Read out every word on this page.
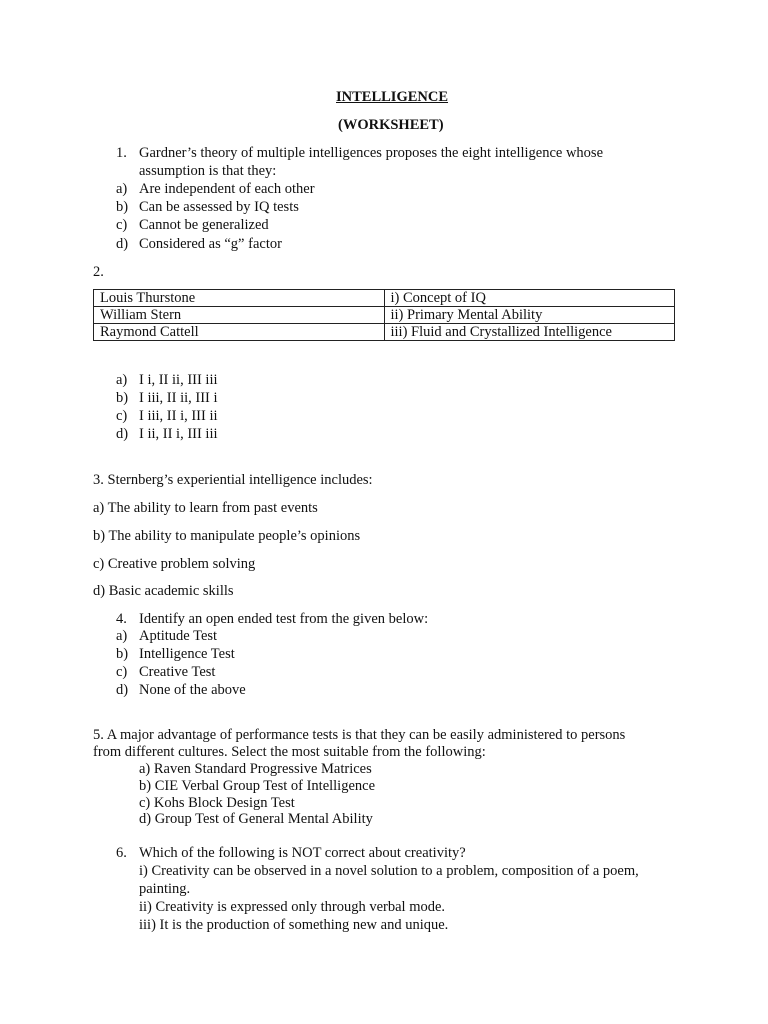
INTELLIGENCE
(WORKSHEET)
1. Gardner’s theory of multiple intelligences proposes the eight intelligence whose
assumption is that they:
a) Are independent of each other
b) Can be assessed by IQ tests
c) Cannot be generalized
d) Considered as “g” factor
2.
Louis Thurstone	i) Concept of IQ
William Stern	ii) Primary Mental Ability
Raymond Cattell	iii) Fluid and Crystallized Intelligence
a) I i, II ii, III iii
b) I iii, II ii, III i
c) I iii, II i, III ii
d) I ii, II i, III iii
3. Sternberg’s experiential intelligence includes:
a) The ability to learn from past events
b) The ability to manipulate people’s opinions
c) Creative problem solving
d) Basic academic skills
4. Identify an open ended test from the given below:
a) Aptitude Test
b) Intelligence Test
c) Creative Test
d) None of the above
5. A major advantage of performance tests is that they can be easily administered to persons
from different cultures. Select the most suitable from the following:
a) Raven Standard Progressive Matrices
b) CIE Verbal Group Test of Intelligence
c) Kohs Block Design Test
d) Group Test of General Mental Ability
6. Which of the following is NOT correct about creativity?
i) Creativity can be observed in a novel solution to a problem, composition of a poem,
painting.
ii) Creativity is expressed only through verbal mode.
iii) It is the production of something new and unique.
